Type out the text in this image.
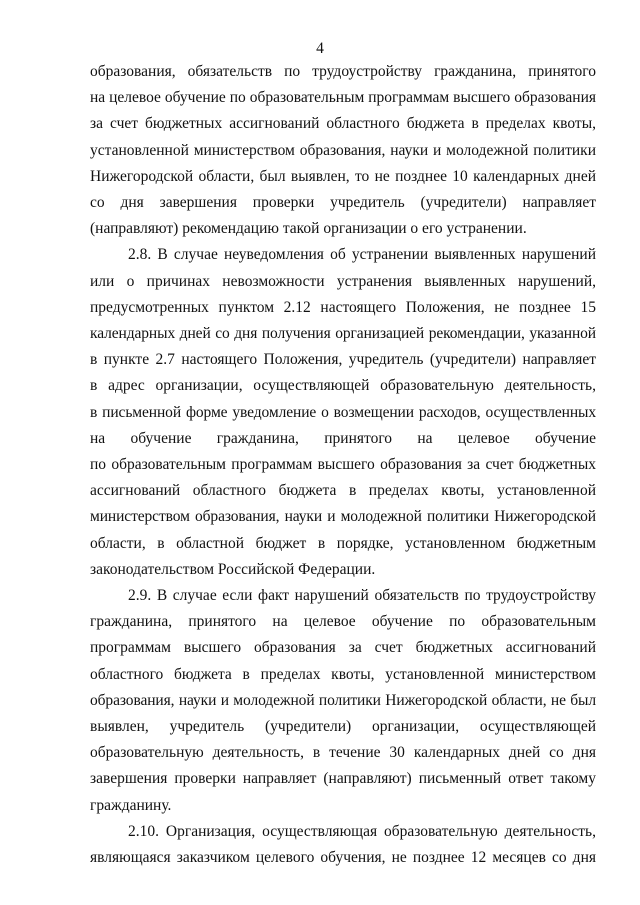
4

образования, обязательств по трудоустройству гражданина, принятого
на целевое обучение по образовательным программам высшего образования
за счет бюджетных ассигнований областного бюджета в пределах квоты,
установленной министерством образования, науки и молодежной политики
Нижегородской области, был выявлен, то не позднее 10 календарных дней
со дня завершения проверки учредитель (учредители) направляет
(направляют) рекомендацию такой организации о его устранении.

2.8. В случае неуведомления об устранении выявленных нарушений
или о причинах невозможности устранения выявленных нарушений,
предусмотренных пунктом 2.12 настоящего Положения, не позднее 15
календарных дней со дня получения организацией рекомендации, указанной
в пункте 2.7 настоящего Положения, учредитель (учредители) направляет
в адрес организации, осуществляющей образовательную деятельность,
в письменной форме уведомление о возмещении расходов, осуществленных
на обучение гражданина, принятого на целевое обучение
по образовательным программам высшего образования за счет бюджетных
ассигнований областного бюджета в пределах квоты, установленной
министерством образования, науки и молодежной политики Нижегородской
области, в областной бюджет в порядке, установленном бюджетным
законодательством Российской Федерации.

2.9. В случае если факт нарушений обязательств по трудоустройству
гражданина, принятого на целевое обучение по образовательным
программам высшего образования за счет бюджетных ассигнований
областного бюджета в пределах квоты, установленной министерством
образования, науки и молодежной политики Нижегородской области, не был
выявлен, учредитель (учредители) организации, осуществляющей
образовательную деятельность, в течение 30 календарных дней со дня
завершения проверки направляет (направляют) письменный ответ такому
гражданину.

2.10. Организация, осуществляющая образовательную деятельность,
являющаяся заказчиком целевого обучения, не позднее 12 месяцев со дня
